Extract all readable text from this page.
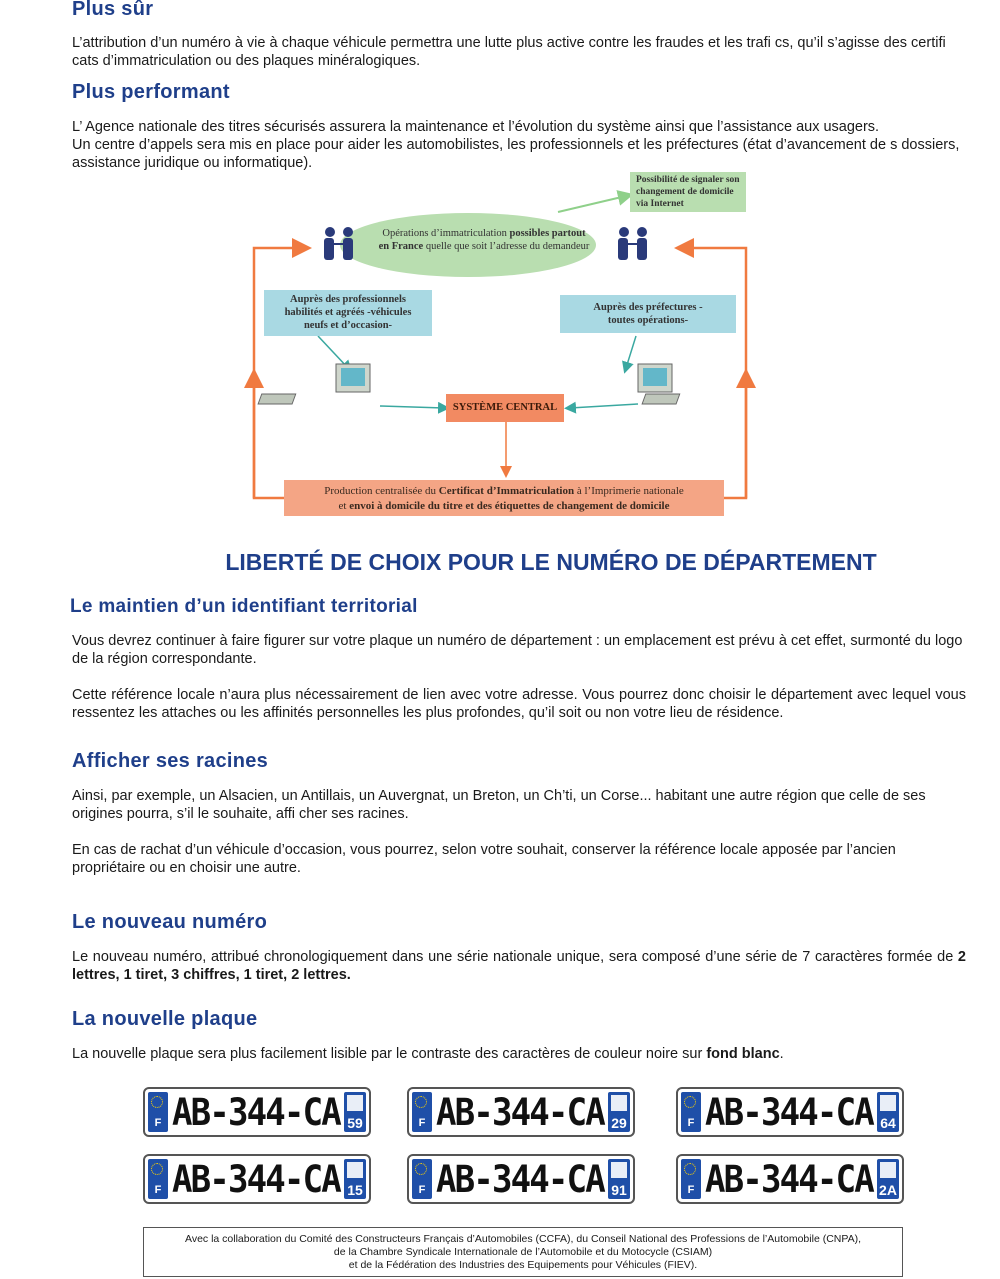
Plus sûr

L’attribution d’un numéro à vie à chaque véhicule permettra une lutte plus active contre les fraudes et les trafi cs, qu’il s’agisse des certifi cats d’immatriculation ou des plaques minéralogiques.

Plus performant

L’ Agence nationale des titres sécurisés assurera la maintenance et l’évolution du système ainsi que l’assistance aux usagers.

Un centre d’appels sera mis en place pour aider les automobilistes, les professionnels et les préfectures (état d’avancement de s dossiers, assistance juridique ou informatique).

Possibilité de signaler son changement de domicile via Internet
Opérations d’immatriculation possibles partout
en France quelle que soit l’adresse du demandeur
Auprès des professionnels habilités et agréés -véhicules neufs et d’occasion-
Auprès des préfectures -toutes opérations-
SYSTÈME CENTRAL
Production centralisée du Certificat d’Immatriculation à l’Imprimerie nationale
et envoi à domicile du titre et des étiquettes de changement de domicile
LIBERTÉ DE CHOIX POUR LE NUMÉRO DE DÉPARTEMENT
Le maintien d’un identifiant territorial

Vous devrez continuer à faire figurer sur votre plaque un numéro de département : un emplacement est prévu à cet effet, surmonté du logo de la région correspondante.

Cette référence locale n’aura plus nécessairement de lien avec votre adresse. Vous pourrez donc choisir le département avec lequel vous ressentez les attaches ou les affinités personnelles les plus profondes, qu’il soit ou non votre lieu de résidence.

Afficher ses racines

Ainsi, par exemple, un Alsacien, un Antillais, un Auvergnat, un Breton, un Ch’ti, un Corse... habitant une autre région que celle de ses origines pourra, s’il le souhaite, affi cher ses racines.

En cas de rachat d’un véhicule d’occasion, vous pourrez, selon votre souhait, conserver la référence locale apposée par l’ancien propriétaire ou en choisir une autre.

Le nouveau numéro

Le nouveau numéro, attribué chronologiquement dans une série nationale unique, sera composé d’une série de 7 caractères formée de 2 lettres, 1 tiret, 3 chiffres, 1 tiret, 2 lettres.

La nouvelle plaque

La nouvelle plaque sera plus facilement lisible par le contraste des caractères de couleur noire sur fond blanc.

F AB-344-CA 59	F AB-344-CA 29	F AB-344-CA 64
F AB-344-CA 15	F AB-344-CA 91	F AB-344-CA 2A
Avec la collaboration du Comité des Constructeurs Français d’Automobiles (CCFA), du Conseil National des Professions de l’Automobile (CNPA),
de la Chambre Syndicale Internationale de l’Automobile et du Motocycle (CSIAM)
et de la Fédération des Industries des Equipements pour Véhicules (FIEV).
